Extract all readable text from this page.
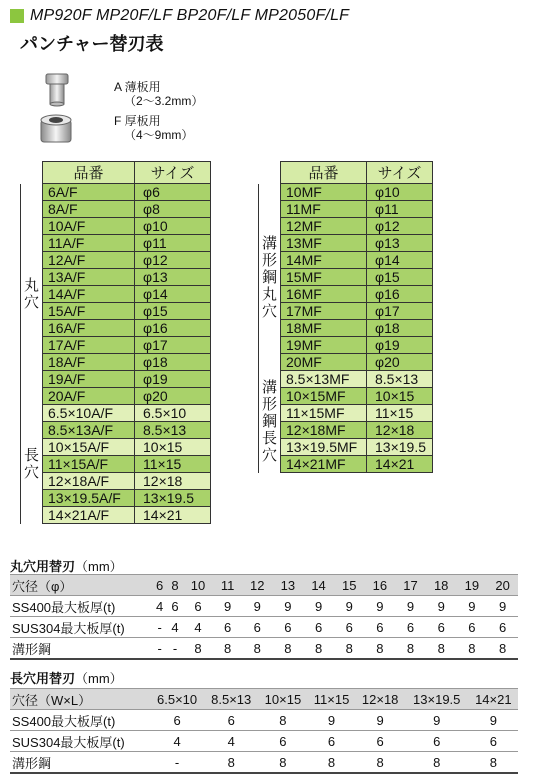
MP920F MP20F/LF BP20F/LF MP2050F/LF
パンチャー替刃表
A 薄板用
（2～3.2mm）
F 厚板用
（4～9mm）
	品番	サイズ

丸
穴	6A/F	φ6
	8A/F	φ8
	10A/F	φ10
	11A/F	φ11
	12A/F	φ12
	13A/F	φ13
	14A/F	φ14
	15A/F	φ15
	16A/F	φ16
	17A/F	φ17
	18A/F	φ18
	19A/F	φ19
	20A/F	φ20

長
穴	6.5×10A/F	6.5×10
	8.5×13A/F	8.5×13
	10×15A/F	10×15
	11×15A/F	11×15
	12×18A/F	12×18
	13×19.5A/F	13×19.5
	14×21A/F	14×21
	品番	サイズ

溝
形
鋼
丸
穴	10MF	φ10
	11MF	φ11
	12MF	φ12
	13MF	φ13
	14MF	φ14
	15MF	φ15
	16MF	φ16
	17MF	φ17
	18MF	φ18
	19MF	φ19
	20MF	φ20

溝
形
鋼
長
穴	8.5×13MF	8.5×13
	10×15MF	10×15
	11×15MF	11×15
	12×18MF	12×18
	13×19.5MF	13×19.5
	14×21MF	14×21
丸穴用替刃（mm）
穴径（φ）	6	8	10	11	12	13	14	15	16	17	18	19	20
SS400最大板厚(t)	4	6	6	9	9	9	9	9	9	9	9	9	9
SUS304最大板厚(t)	-	4	4	6	6	6	6	6	6	6	6	6	6
溝形鋼	-	-	8	8	8	8	8	8	8	8	8	8	8
長穴用替刃（mm）
穴径（W×L）	6.5×10	8.5×13	10×15	11×15	12×18	13×19.5	14×21
SS400最大板厚(t)	6	6	8	9	9	9	9
SUS304最大板厚(t)	4	4	6	6	6	6	6
溝形鋼	-	8	8	8	8	8	8
